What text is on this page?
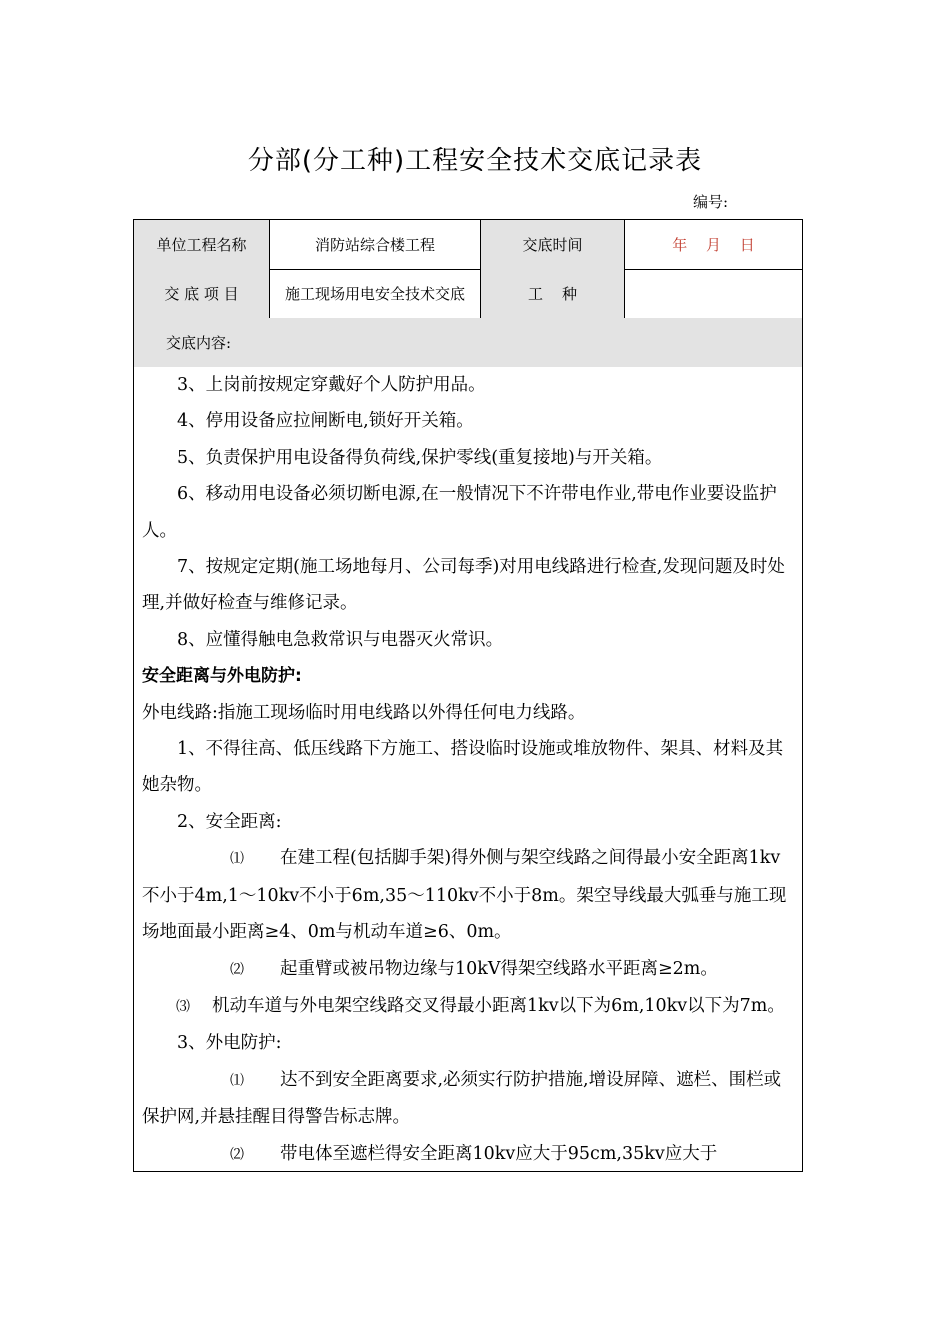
分部(分工种)工程安全技术交底记录表
编号:
单位工程名称	消防站综合楼工程	交底时间	年 月 日
交 底 项 目	施工现场用电安全技术交底	工    种
交底内容:

3、上岗前按规定穿戴好个人防护用品。

4、停用设备应拉闸断电,锁好开关箱。

5、负责保护用电设备得负荷线,保护零线(重复接地)与开关箱。

6、移动用电设备必须切断电源,在一般情况下不许带电作业,带电作业要设监护人。

7、按规定定期(施工场地每月、公司每季)对用电线路进行检查,发现问题及时处理,并做好检查与维修记录。

8、应懂得触电急救常识与电器灭火常识。

安全距离与外电防护:

外电线路:指施工现场临时用电线路以外得任何电力线路。

1、不得往高、低压线路下方施工、搭设临时设施或堆放物件、架具、材料及其她杂物。

2、安全距离:

⑴ 在建工程(包括脚手架)得外侧与架空线路之间得最小安全距离1kv不小于4m,1～10kv不小于6m,35～110kv不小于8m。架空导线最大弧垂与施工现场地面最小距离≥4、0m与机动车道≥6、0m。

⑵ 起重臂或被吊物边缘与10kV得架空线路水平距离≥2m。

⑶ 机动车道与外电架空线路交叉得最小距离1kv以下为6m,10kv以下为7m。

3、外电防护:

⑴ 达不到安全距离要求,必须实行防护措施,增设屏障、遮栏、围栏或保护网,并悬挂醒目得警告标志牌。

⑵ 带电体至遮栏得安全距离10kv应大于95cm,35kv应大于
